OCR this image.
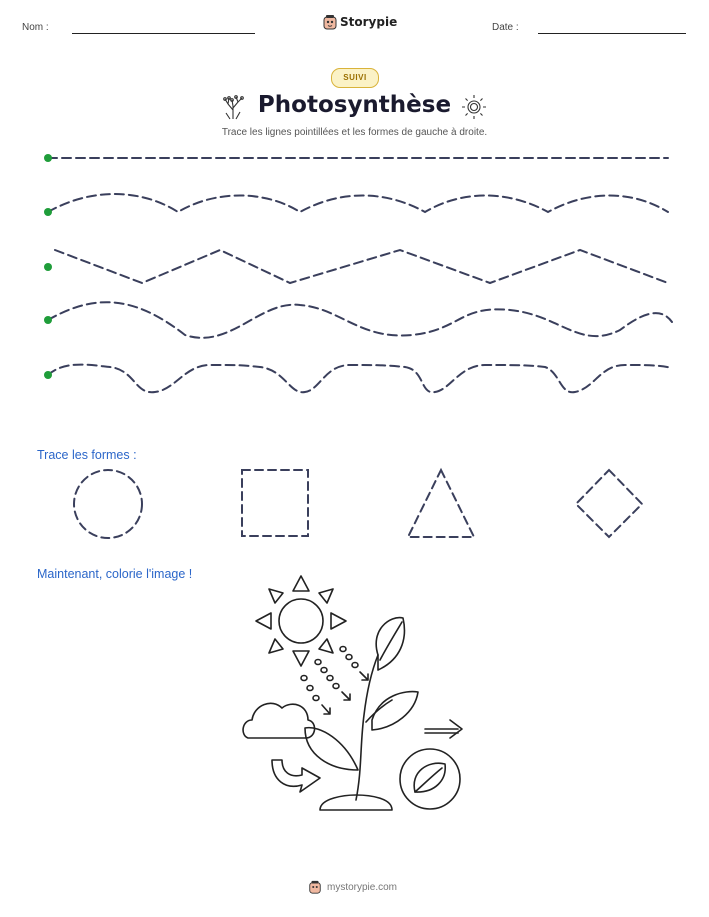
Nom :	Storypie	Date :
SUIVI
Photosynthèse
Trace les lignes pointillées et les formes de gauche à droite.
Trace les formes :
Maintenant, colorie l'image !
mystorypie.com
